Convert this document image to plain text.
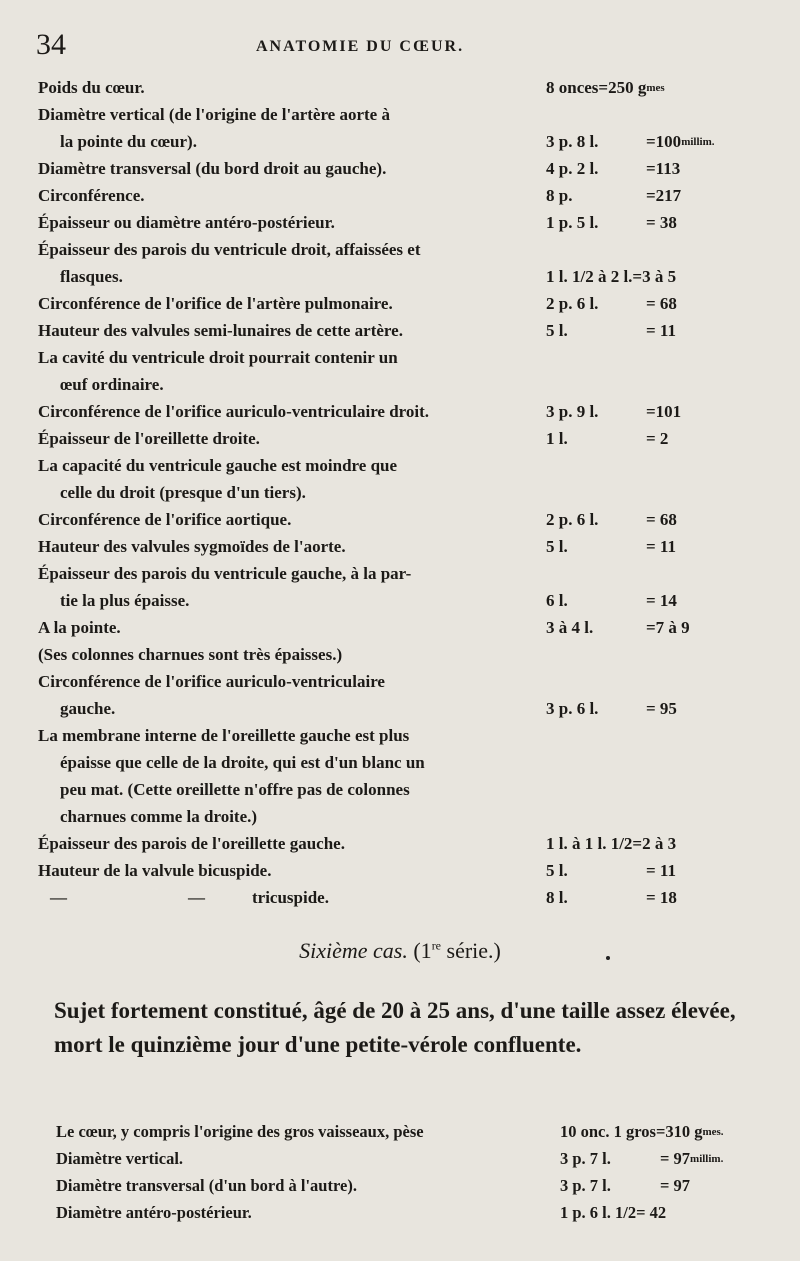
34	ANATOMIE DU CŒUR.
Poids du cœur.	8 onces=250 gmes
Diamètre vertical (de l'origine de l'artère aorte à
la pointe du cœur).	3 p. 8 l.	=100millim.
Diamètre transversal (du bord droit au gauche).	4 p. 2 l.	=113
Circonférence.	8 p.	=217
Épaisseur ou diamètre antéro-postérieur.	1 p. 5 l.	= 38
Épaisseur des parois du ventricule droit, affaissées et
flasques.	1 l. 1/2 à 2 l.=3 à 5
Circonférence de l'orifice de l'artère pulmonaire.	2 p. 6 l.	= 68
Hauteur des valvules semi-lunaires de cette artère.	5 l.	= 11
La cavité du ventricule droit pourrait contenir un
œuf ordinaire.
Circonférence de l'orifice auriculo-ventriculaire droit.	3 p. 9 l.	=101
Épaisseur de l'oreillette droite.	1 l.	= 2
La capacité du ventricule gauche est moindre que
celle du droit (presque d'un tiers).
Circonférence de l'orifice aortique.	2 p. 6 l.	= 68
Hauteur des valvules sygmoïdes de l'aorte.	5 l.	= 11
Épaisseur des parois du ventricule gauche, à la par-
tie la plus épaisse.	6 l.	= 14
A la pointe.	3 à 4 l.	=7 à 9
(Ses colonnes charnues sont très épaisses.)
Circonférence de l'orifice auriculo-ventriculaire
gauche.	3 p. 6 l.	= 95
La membrane interne de l'oreillette gauche est plus
épaisse que celle de la droite, qui est d'un blanc un
peu mat. (Cette oreillette n'offre pas de colonnes
charnues comme la droite.)
Épaisseur des parois de l'oreillette gauche.	1 l. à 1 l. 1/2=2 à 3
Hauteur de la valvule bicuspide.	5 l.	= 11
—	—	tricuspide.	8 l.	= 18
Sixième cas. (1re série.)
Sujet fortement constitué, âgé de 20 à 25 ans, d'une taille assez élevée, mort le quinzième jour d'une petite-vérole confluente.
Le cœur, y compris l'origine des gros vaisseaux, pèse	10 onc. 1 gros=310 gmes.
Diamètre vertical.	3 p. 7 l.	= 97millim.
Diamètre transversal (d'un bord à l'autre).	3 p. 7 l.	= 97
Diamètre antéro-postérieur.	1 p. 6 l. 1/2= 42
